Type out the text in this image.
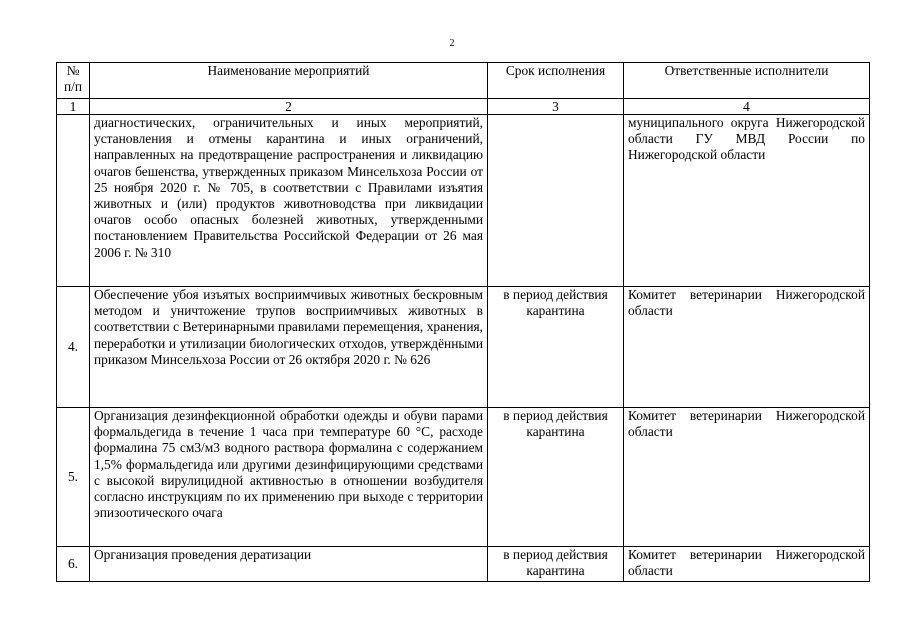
2
№ п/п	Наименование мероприятий	Срок исполнения	Ответственные исполнители
1	2	3	4
	диагностических, ограничительных и иных мероприятий, установления и отмены карантина и иных ограничений, направленных на предотвращение распространения и ликвидацию очагов бешенства, утвержденных приказом Минсельхоза России от 25 ноября 2020 г. № 705, в соответствии с Правилами изъятия животных и (или) продуктов животноводства при ликвидации очагов особо опасных болезней животных, утвержденными постановлением Правительства Российской Федерации от 26 мая 2006 г. № 310		муниципального округа Нижегородской области ГУ МВД России по Нижегородской области
4.	Обеспечение убоя изъятых восприимчивых животных бескровным методом и уничтожение трупов восприимчивых животных в соответствии с Ветеринарными правилами перемещения, хранения, переработки и утилизации биологических отходов, утверждёнными приказом Минсельхоза России от 26 октября 2020 г. № 626	в период действия карантина	Комитет ветеринарии Нижегородской области
5.	Организация дезинфекционной обработки одежды и обуви парами формальдегида в течение 1 часа при температуре 60 °С, расходе формалина 75 см3/м3 водного раствора формалина с содержанием 1,5% формальдегида или другими дезинфицирующими средствами с высокой вирулицидной активностью в отношении возбудителя согласно инструкциям по их применению при выходе с территории эпизоотического очага	в период действия карантина	Комитет ветеринарии Нижегородской области
6.	Организация проведения дератизации	в период действия карантина	Комитет ветеринарии Нижегородской области
